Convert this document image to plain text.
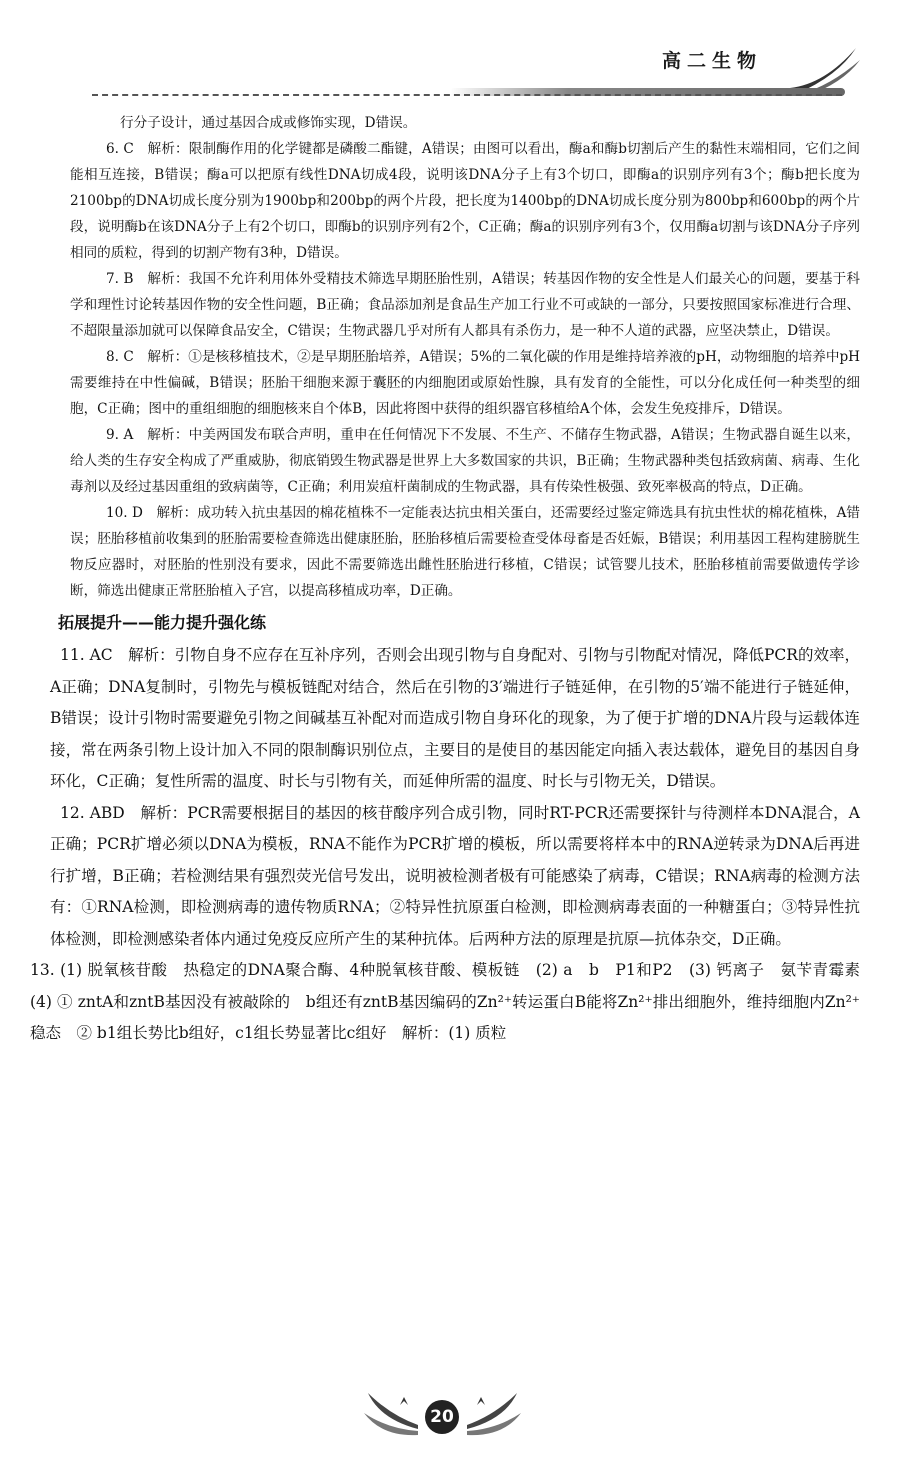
高二生物

行分子设计，通过基因合成或修饰实现，D错误。

6. C　解析：限制酶作用的化学键都是磷酸二酯键，A错误；由图可以看出，酶a和酶b切割后产生的黏性末端相同，它们之间能相互连接，B错误；酶a可以把原有线性DNA切成4段，说明该DNA分子上有3个切口，即酶a的识别序列有3个；酶b把长度为2100bp的DNA切成长度分别为1900bp和200bp的两个片段，把长度为1400bp的DNA切成长度分别为800bp和600bp的两个片段，说明酶b在该DNA分子上有2个切口，即酶b的识别序列有2个，C正确；酶a的识别序列有3个，仅用酶a切割与该DNA分子序列相同的质粒，得到的切割产物有3种，D错误。

7. B　解析：我国不允许利用体外受精技术筛选早期胚胎性别，A错误；转基因作物的安全性是人们最关心的问题，要基于科学和理性讨论转基因作物的安全性问题，B正确；食品添加剂是食品生产加工行业不可或缺的一部分，只要按照国家标准进行合理、不超限量添加就可以保障食品安全，C错误；生物武器几乎对所有人都具有杀伤力，是一种不人道的武器，应坚决禁止，D错误。

8. C　解析：①是核移植技术，②是早期胚胎培养，A错误；5%的二氧化碳的作用是维持培养液的pH，动物细胞的培养中pH需要维持在中性偏碱，B错误；胚胎干细胞来源于囊胚的内细胞团或原始性腺，具有发育的全能性，可以分化成任何一种类型的细胞，C正确；图中的重组细胞的细胞核来自个体B，因此将图中获得的组织器官移植给A个体，会发生免疫排斥，D错误。

9. A　解析：中美两国发布联合声明，重申在任何情况下不发展、不生产、不储存生物武器，A错误；生物武器自诞生以来，给人类的生存安全构成了严重威胁，彻底销毁生物武器是世界上大多数国家的共识，B正确；生物武器种类包括致病菌、病毒、生化毒剂以及经过基因重组的致病菌等，C正确；利用炭疽杆菌制成的生物武器，具有传染性极强、致死率极高的特点，D正确。

10. D　解析：成功转入抗虫基因的棉花植株不一定能表达抗虫相关蛋白，还需要经过鉴定筛选具有抗虫性状的棉花植株，A错误；胚胎移植前收集到的胚胎需要检查筛选出健康胚胎，胚胎移植后需要检查受体母畜是否妊娠，B错误；利用基因工程构建膀胱生物反应器时，对胚胎的性别没有要求，因此不需要筛选出雌性胚胎进行移植，C错误；试管婴儿技术，胚胎移植前需要做遗传学诊断，筛选出健康正常胚胎植入子宫，以提高移植成功率，D正确。

拓展提升——能力提升强化练

11. AC　解析：引物自身不应存在互补序列，否则会出现引物与自身配对、引物与引物配对情况，降低PCR的效率，A正确；DNA复制时，引物先与模板链配对结合，然后在引物的3′端进行子链延伸，在引物的5′端不能进行子链延伸，B错误；设计引物时需要避免引物之间碱基互补配对而造成引物自身环化的现象，为了便于扩增的DNA片段与运载体连接，常在两条引物上设计加入不同的限制酶识别位点，主要目的是使目的基因能定向插入表达载体，避免目的基因自身环化，C正确；复性所需的温度、时长与引物有关，而延伸所需的温度、时长与引物无关，D错误。

12. ABD　解析：PCR需要根据目的基因的核苷酸序列合成引物，同时RT-PCR还需要探针与待测样本DNA混合，A正确；PCR扩增必须以DNA为模板，RNA不能作为PCR扩增的模板，所以需要将样本中的RNA逆转录为DNA后再进行扩增，B正确；若检测结果有强烈荧光信号发出，说明被检测者极有可能感染了病毒，C错误；RNA病毒的检测方法有：①RNA检测，即检测病毒的遗传物质RNA；②特异性抗原蛋白检测，即检测病毒表面的一种糖蛋白；③特异性抗体检测，即检测感染者体内通过免疫反应所产生的某种抗体。后两种方法的原理是抗原—抗体杂交，D正确。

13. (1) 脱氧核苷酸　热稳定的DNA聚合酶、4种脱氧核苷酸、模板链　(2) a　b　P1和P2　(3) 钙离子　氨苄青霉素　(4) ① zntA和zntB基因没有被敲除的　b组还有zntB基因编码的Zn²⁺转运蛋白B能将Zn²⁺排出细胞外，维持细胞内Zn²⁺稳态　② b1组长势比b组好，c1组长势显著比c组好　解析：(1) 质粒

20
